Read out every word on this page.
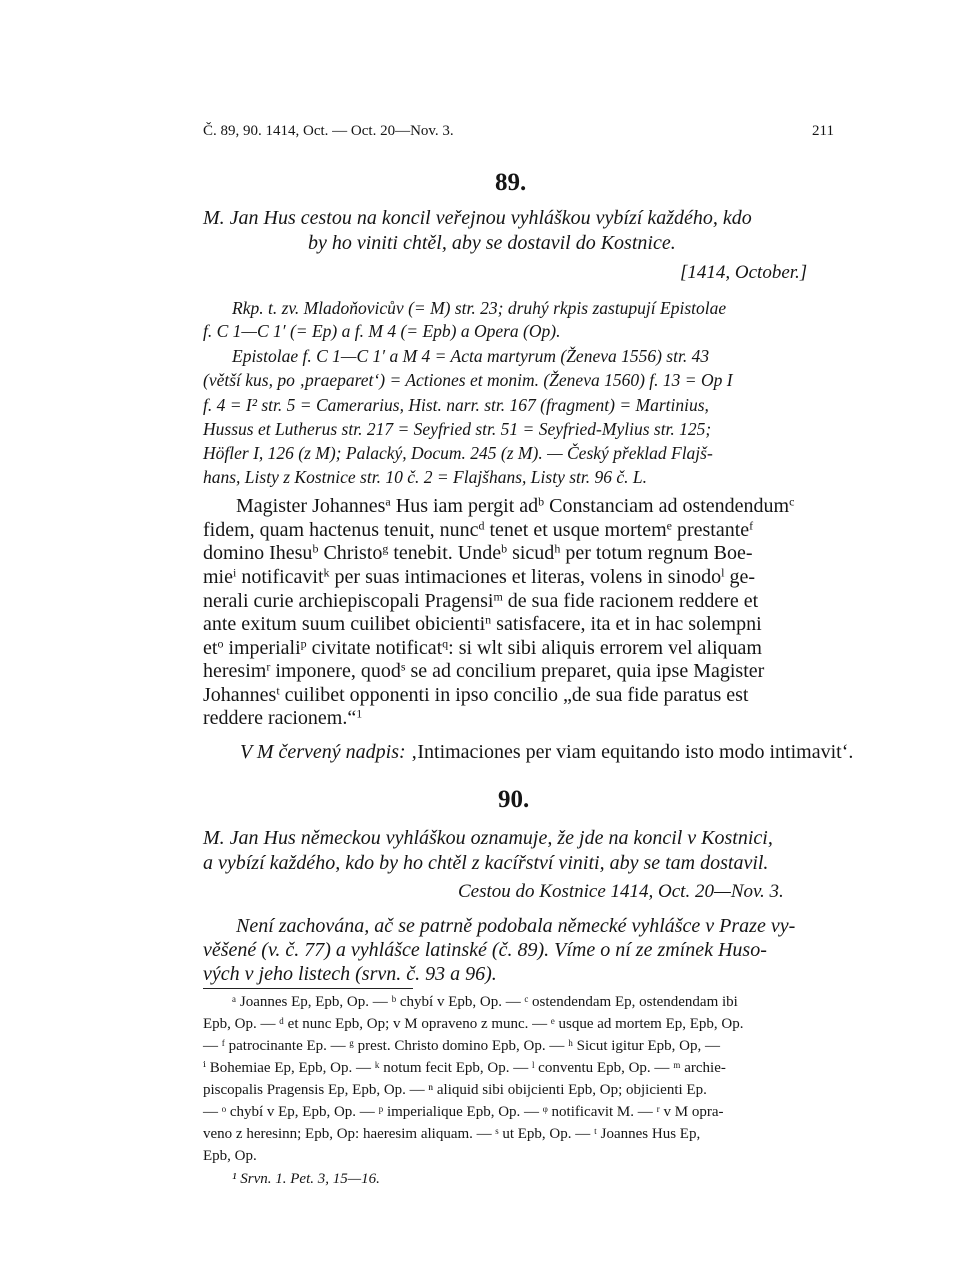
Č. 89, 90. 1414, Oct. — Oct. 20—Nov. 3.	211
89.
M. Jan Hus cestou na koncil veřejnou vyhláškou vybízí každého, kdo
by ho viniti chtěl, aby se dostavil do Kostnice.
[1414, October.]
Rkp. t. zv. Mladoňovicův (= M) str. 23; druhý rkpis zastupují Epistolae
f. C 1—C 1′ (= Ep) a f. M 4 (= Epb) a Opera (Op).
Epistolae f. C 1—C 1′ a M 4 = Acta martyrum (Ženeva 1556) str. 43
(větší kus, po ‚praeparet‘) = Actiones et monim. (Ženeva 1560) f. 13 = Op I
f. 4 = I² str. 5 = Camerarius, Hist. narr. str. 167 (fragment) = Martinius,
Hussus et Lutherus str. 217 = Seyfried str. 51 = Seyfried-Mylius str. 125;
Höfler I, 126 (z M); Palacký, Docum. 245 (z M). — Český překlad Flajš-
hans, Listy z Kostnice str. 10 č. 2 = Flajšhans, Listy str. 96 č. L.
Magister Johannes$^a$ Hus iam pergit $ad^b$ Constanciam ad ostendendum$^c$
fidem, quam hactenus tenuit, nunc$^d$ tenet et usque mortem$^e$ prestante$^f$
domino Ihesu$^b$ Christo$^g$ tenebit. Unde$^b$ sicud$^h$ per totum regnum Boe-
mie$^i$ notificavit$^k$ per suas intimaciones et literas, volens in sinodo$^l$ ge-
nerali curie archiepiscopali Pragensi$^m$ de sua fide racionem reddere et
ante exitum suum cuilibet obicienti$^n$ satisfacere, ita et in hac solempni
$et^o$ imperiali$^p$ civitate notificat$^q$: si wlt sibi aliquis errorem vel aliquam
heresim$^r$ imponere, quod$^s$ se ad concilium preparet, quia ipse Magister
Johannes$^t$ cuilibet opponenti in ipso concilio „de sua fide paratus est
reddere racionem.“$^1$
V M červený nadpis: ‚Intimaciones per viam equitando isto modo intimavit‘.
90.
M. Jan Hus německou vyhláškou oznamuje, že jde na koncil v Kostnici,
a vybízí každého, kdo by ho chtěl z kacířství viniti, aby se tam dostavil.
Cestou do Kostnice 1414, Oct. 20—Nov. 3.
Není zachována, ač se patrně podobala německé vyhlášce v Praze vy-
věšené (v. č. 77) a vyhlášce latinské (č. 89). Víme o ní ze zmínek Huso-
vých v jeho listech (srvn. č. 93 a 96).
ᵃ Joannes Ep, Epb, Op. — ᵇ chybí v Epb, Op. — ᶜ ostendendam Ep, ostendendam ibi
Epb, Op. — ᵈ et nunc Epb, Op; v M opraveno z munc. — ᵉ usque ad mortem Ep, Epb, Op.
— ᶠ patrocinante Ep. — ᵍ prest. Christo domino Epb, Op. — ʰ Sicut igitur Epb, Op, —
ⁱ Bohemiae Ep, Epb, Op. — ᵏ notum fecit Epb, Op. — ˡ conventu Epb, Op. — ᵐ archie-
piscopalis Pragensis Ep, Epb, Op. — ⁿ aliquid sibi obijcienti Epb, Op; objicienti Ep.
— ᵒ chybí v Ep, Epb, Op. — ᵖ imperialique Epb, Op. — ᵠ notificavit M. — ʳ v M opra-
veno z heresinn; Epb, Op: haeresim aliquam. — ˢ ut Epb, Op. — ᵗ Joannes Hus Ep,
Epb, Op.
¹ Srvn. 1. Pet. 3, 15—16.
